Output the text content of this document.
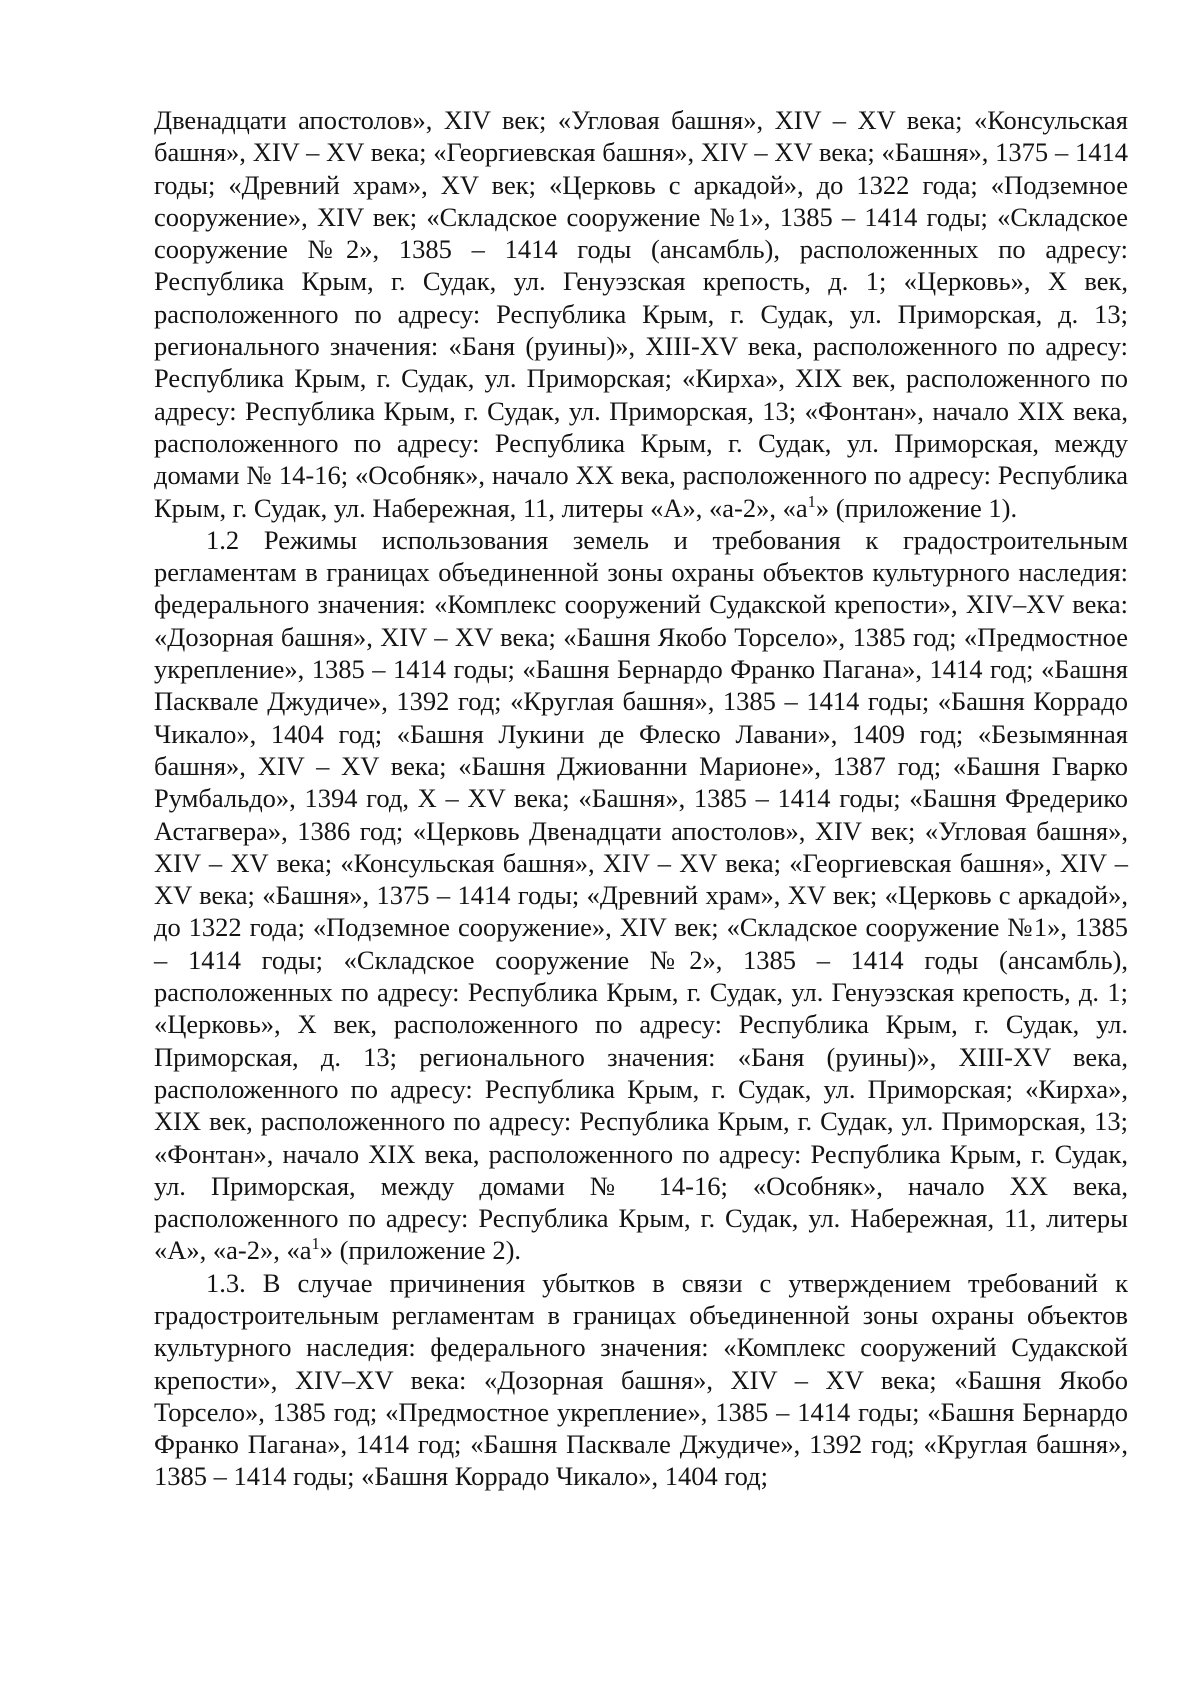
Двенадцати апостолов», XIV век; «Угловая башня», XIV – XV века; «Консульская башня», XIV – XV века; «Георгиевская башня», XIV – XV века; «Башня», 1375 – 1414 годы; «Древний храм», XV век; «Церковь с аркадой», до 1322 года; «Подземное сооружение», XIV век; «Складское сооружение №1», 1385 – 1414 годы; «Складское сооружение №2», 1385 – 1414 годы (ансамбль), расположенных по адресу: Республика Крым, г. Судак, ул. Генуэзская крепость, д. 1; «Церковь», X век, расположенного по адресу: Республика Крым, г. Судак, ул. Приморская, д. 13; регионального значения: «Баня (руины)», XIII-XV века, расположенного по адресу: Республика Крым, г. Судак, ул. Приморская; «Кирха», XIX век, расположенного по адресу: Республика Крым, г. Судак, ул. Приморская, 13; «Фонтан», начало XIX века, расположенного по адресу: Республика Крым, г. Судак, ул. Приморская, между домами № 14-16; «Особняк», начало XX века, расположенного по адресу: Республика Крым, г. Судак, ул. Набережная, 11, литеры «А», «а-2», «$а^1$» (приложение 1).

1.2 Режимы использования земель и требования к градостроительным регламентам в границах объединенной зоны охраны объектов культурного наследия: федерального значения: «Комплекс сооружений Судакской крепости», XIV–XV века: «Дозорная башня», XIV – XV века; «Башня Якобо Торсело», 1385 год; «Предмостное укрепление», 1385 – 1414 годы; «Башня Бернардо Франко Пагана», 1414 год; «Башня Пасквале Джудиче», 1392 год; «Круглая башня», 1385 – 1414 годы; «Башня Коррадо Чикало», 1404 год; «Башня Лукини де Флеско Лавани», 1409 год; «Безымянная башня», XIV – XV века; «Башня Джиованни Марионе», 1387 год; «Башня Гварко Румбальдо», 1394 год, X – XV века; «Башня», 1385 – 1414 годы; «Башня Фредерико Астагвера», 1386 год; «Церковь Двенадцати апостолов», XIV век; «Угловая башня», XIV – XV века; «Консульская башня», XIV – XV века; «Георгиевская башня», XIV – XV века; «Башня», 1375 – 1414 годы; «Древний храм», XV век; «Церковь с аркадой», до 1322 года; «Подземное сооружение», XIV век; «Складское сооружение №1», 1385 – 1414 годы; «Складское сооружение №2», 1385 – 1414 годы (ансамбль), расположенных по адресу: Республика Крым, г. Судак, ул. Генуэзская крепость, д. 1; «Церковь», X век, расположенного по адресу: Республика Крым, г. Судак, ул. Приморская, д. 13; регионального значения: «Баня (руины)», XIII-XV века, расположенного по адресу: Республика Крым, г. Судак, ул. Приморская; «Кирха», XIX век, расположенного по адресу: Республика Крым, г. Судак, ул. Приморская, 13; «Фонтан», начало XIX века, расположенного по адресу: Республика Крым, г. Судак, ул. Приморская, между домами № 14-16; «Особняк», начало XX века, расположенного по адресу: Республика Крым, г. Судак, ул. Набережная, 11, литеры «А», «а-2», «$а^1$» (приложение 2).

1.3. В случае причинения убытков в связи с утверждением требований к градостроительным регламентам в границах объединенной зоны охраны объектов культурного наследия: федерального значения: «Комплекс сооружений Судакской крепости», XIV–XV века: «Дозорная башня», XIV – XV века; «Башня Якобо Торсело», 1385 год; «Предмостное укрепление», 1385 – 1414 годы; «Башня Бернардо Франко Пагана», 1414 год; «Башня Пасквале Джудиче», 1392 год; «Круглая башня», 1385 – 1414 годы; «Башня Коррадо Чикало», 1404 год;
